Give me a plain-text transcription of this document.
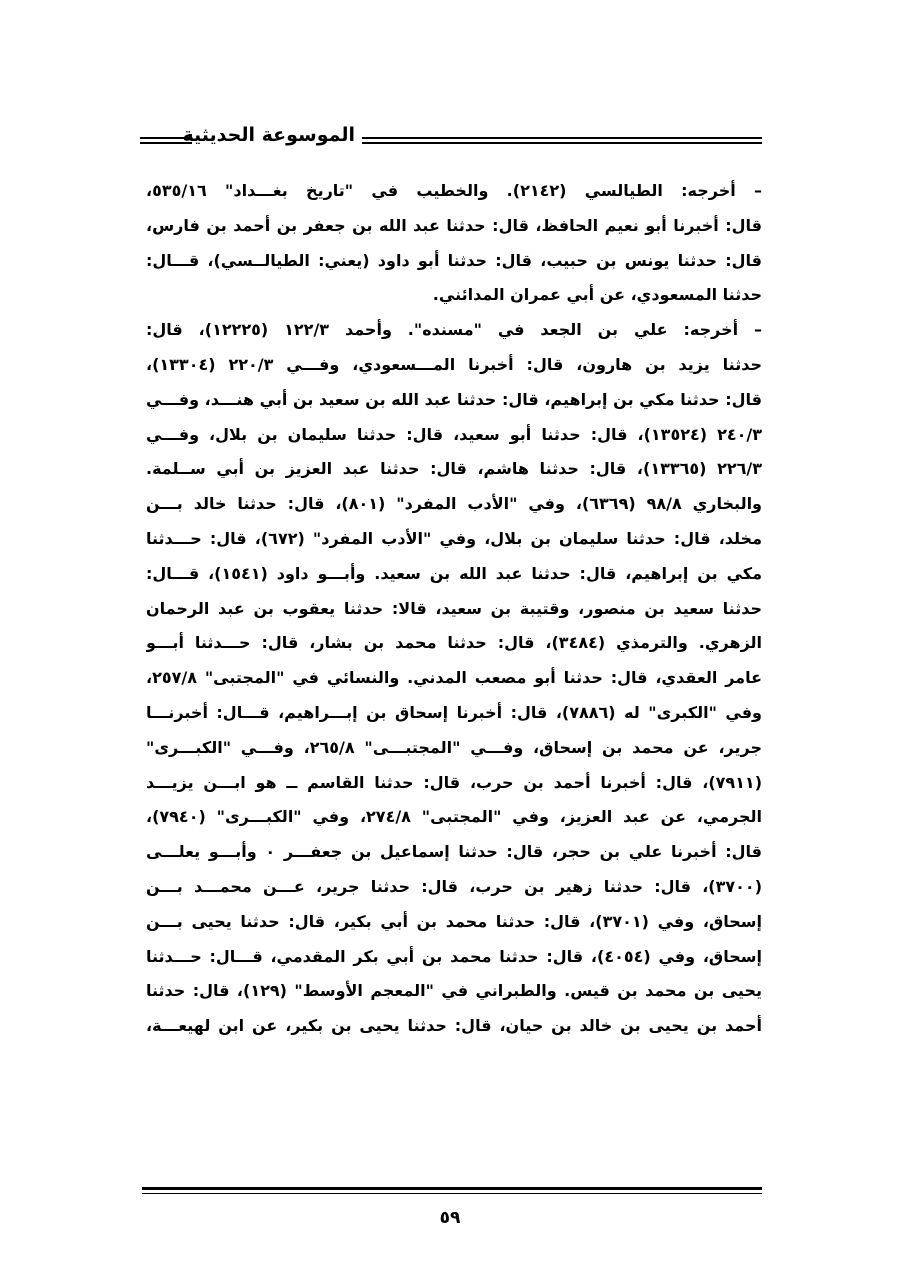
الموسوعة الحديثية
– أخرجه: الطيالسي (٢١٤٢). والخطيب في "تاريخ بغـــداد" ٥٣٥/١٦،
قال: أخبرنا أبو نعيم الحافظ، قال: حدثنا عبد الله بن جعفر بن أحمد بن فارس،
قال: حدثنا يونس بن حبيب، قال: حدثنا أبو داود (يعني: الطيالــسي)، قـــال:
حدثنا المسعودي، عن أبي عمران المدائني.
– أخرجه: علي بن الجعد في "مسنده". وأحمد ١٢٢/٣ (١٢٢٢٥)، قال:
حدثنا يزيد بن هارون، قال: أخبرنا المـــسعودي، وفـــي ٢٢٠/٣ (١٣٣٠٤)،
قال: حدثنا مكي بن إبراهيم، قال: حدثنا عبد الله بن سعيد بن أبي هنـــد، وفـــي
٢٤٠/٣ (١٣٥٢٤)، قال: حدثنا أبو سعيد، قال: حدثنا سليمان بن بلال، وفـــي
٢٢٦/٣ (١٣٣٦٥)، قال: حدثنا هاشم، قال: حدثنا عبد العزيز بن أبي ســلمة.
والبخاري ٩٨/٨ (٦٣٦٩)، وفي "الأدب المفرد" (٨٠١)، قال: حدثنا خالد بـــن
مخلد، قال: حدثنا سليمان بن بلال، وفي "الأدب المفرد" (٦٧٢)، قال: حـــدثنا
مكي بن إبراهيم، قال: حدثنا عبد الله بن سعيد. وأبـــو داود (١٥٤١)، قـــال:
حدثنا سعيد بن منصور، وقتيبة بن سعيد، قالا: حدثنا يعقوب بن عبد الرحمان
الزهري. والترمذي (٣٤٨٤)، قال: حدثنا محمد بن بشار، قال: حـــدثنا أبـــو
عامر العقدي، قال: حدثنا أبو مصعب المدني. والنسائي في "المجتبى" ٢٥٧/٨،
وفي "الكبرى" له (٧٨٨٦)، قال: أخبرنا إسحاق بن إبـــراهيم، قـــال: أخبرنـــا
جرير، عن محمد بن إسحاق، وفـــي "المجتبـــى" ٢٦٥/٨، وفـــي "الكبـــرى"
(٧٩١١)، قال: أخبرنا أحمد بن حرب، قال: حدثنا القاسم ــ هو ابـــن يزيـــد
الجرمي، عن عبد العزيز، وفي "المجتبى" ٢٧٤/٨، وفي "الكبـــرى" (٧٩٤٠)،
قال: أخبرنا علي بن حجر، قال: حدثنا إسماعيل بن جعفـــر ٠ وأبـــو يعلـــى
(٣٧٠٠)، قال: حدثنا زهير بن حرب، قال: حدثنا جرير، عـــن محمـــد بـــن
إسحاق، وفي (٣٧٠١)، قال: حدثنا محمد بن أبي بكير، قال: حدثنا يحيى بـــن
إسحاق، وفي (٤٠٥٤)، قال: حدثنا محمد بن أبي بكر المقدمي، قـــال: حـــدثنا
يحيى بن محمد بن قيس. والطبراني في "المعجم الأوسط" (١٢٩)، قال: حدثنا
أحمد بن يحيى بن خالد بن حيان، قال: حدثنا يحيى بن بكير، عن ابن لهيعـــة،
٥٩
